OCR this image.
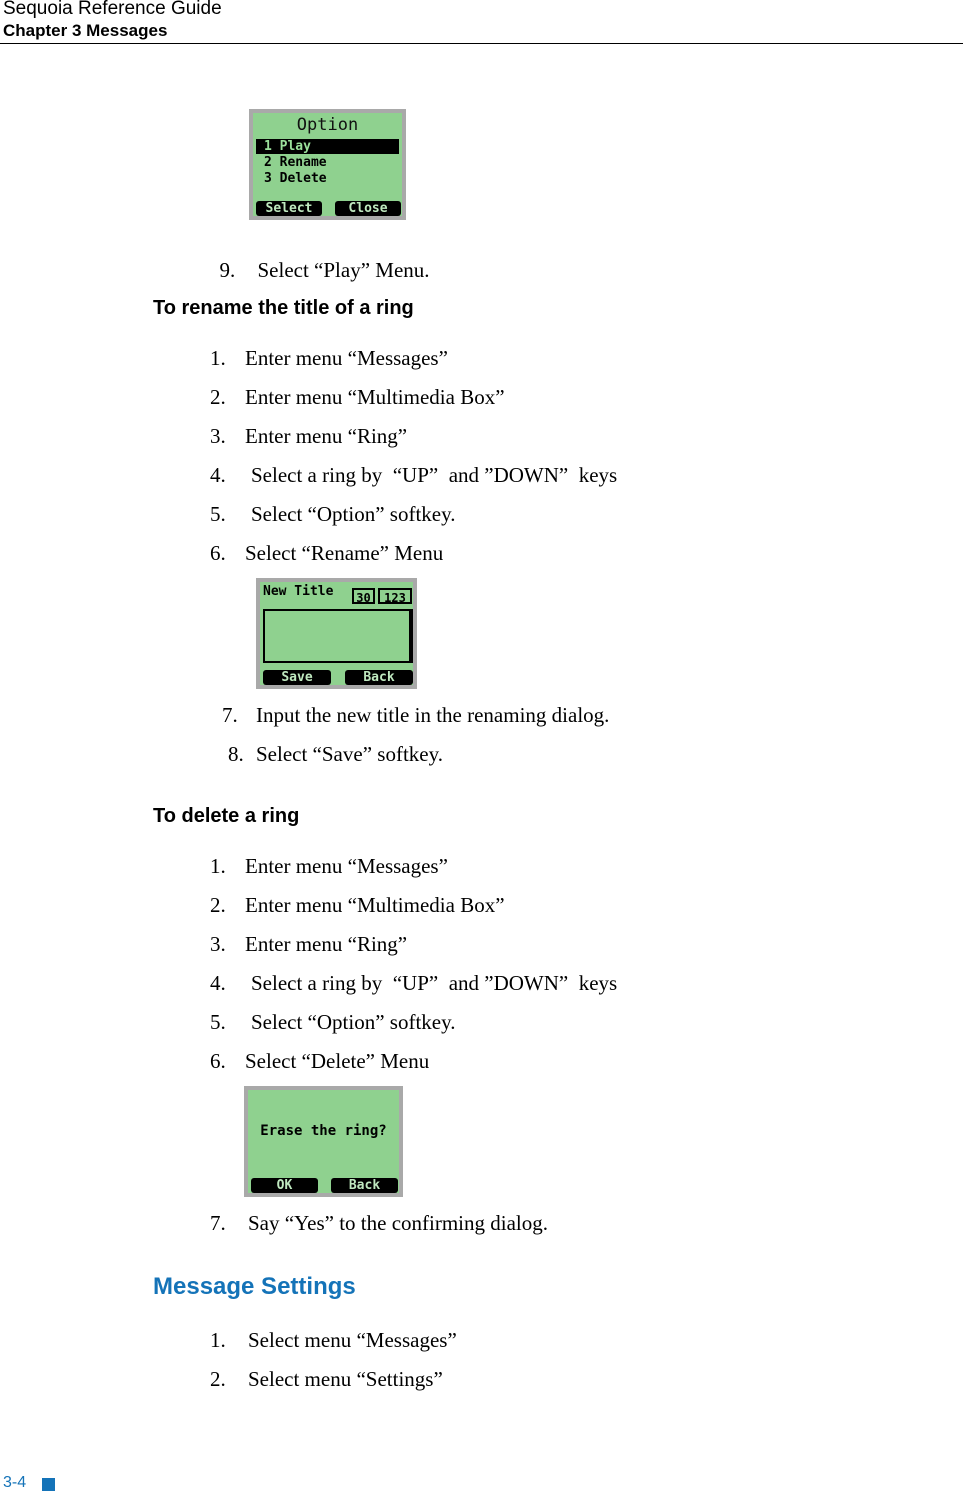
Sequoia Reference Guide
Chapter 3 Messages
Option
1 Play
2 Rename
3 Delete
Select	Close

9. Select “Play” Menu.

To rename the title of a ring
1. Enter menu “Messages”
2. Enter menu “Multimedia Box”
3. Enter menu “Ring”
4. Select a ring by  “UP”  and ”DOWN”  keys
5. Select “Option” softkey.
6. Select “Rename” Menu
New Title	30	123
Save	Back
7. Input the new title in the renaming dialog.
8. Select “Save” softkey.
To delete a ring
1. Enter menu “Messages”
2. Enter menu “Multimedia Box”
3. Enter menu “Ring”
4. Select a ring by  “UP”  and ”DOWN”  keys
5. Select “Option” softkey.
6. Select “Delete” Menu
Erase the ring?
OK	Back
7. Say “Yes” to the confirming dialog.
Message Settings
1. Select menu “Messages”
2. Select menu “Settings”
3-4
